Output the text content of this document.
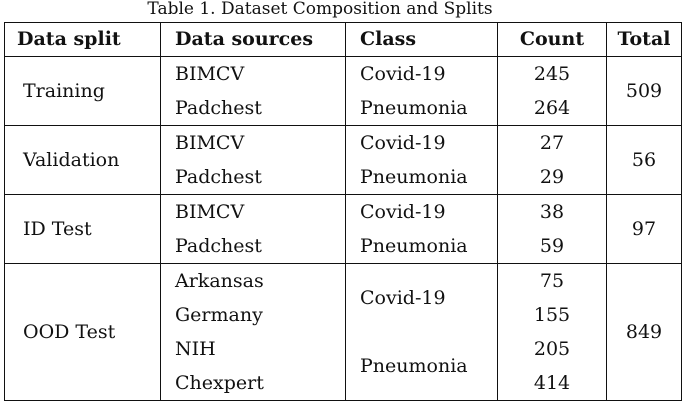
Table 1. Dataset Composition and Splits
Data split	Data sources	Class	Count	Total
Training	BIMCV	Covid-19	245	509
	Padchest	Pneumonia	264	
Validation	BIMCV	Covid-19	27	56
	Padchest	Pneumonia	29	
ID Test	BIMCV	Covid-19	38	97
	Padchest	Pneumonia	59	
OOD Test	Arkansas	Covid-19	75	849
	Germany		155	
	NIH	Pneumonia	205	
	Chexpert		414	
